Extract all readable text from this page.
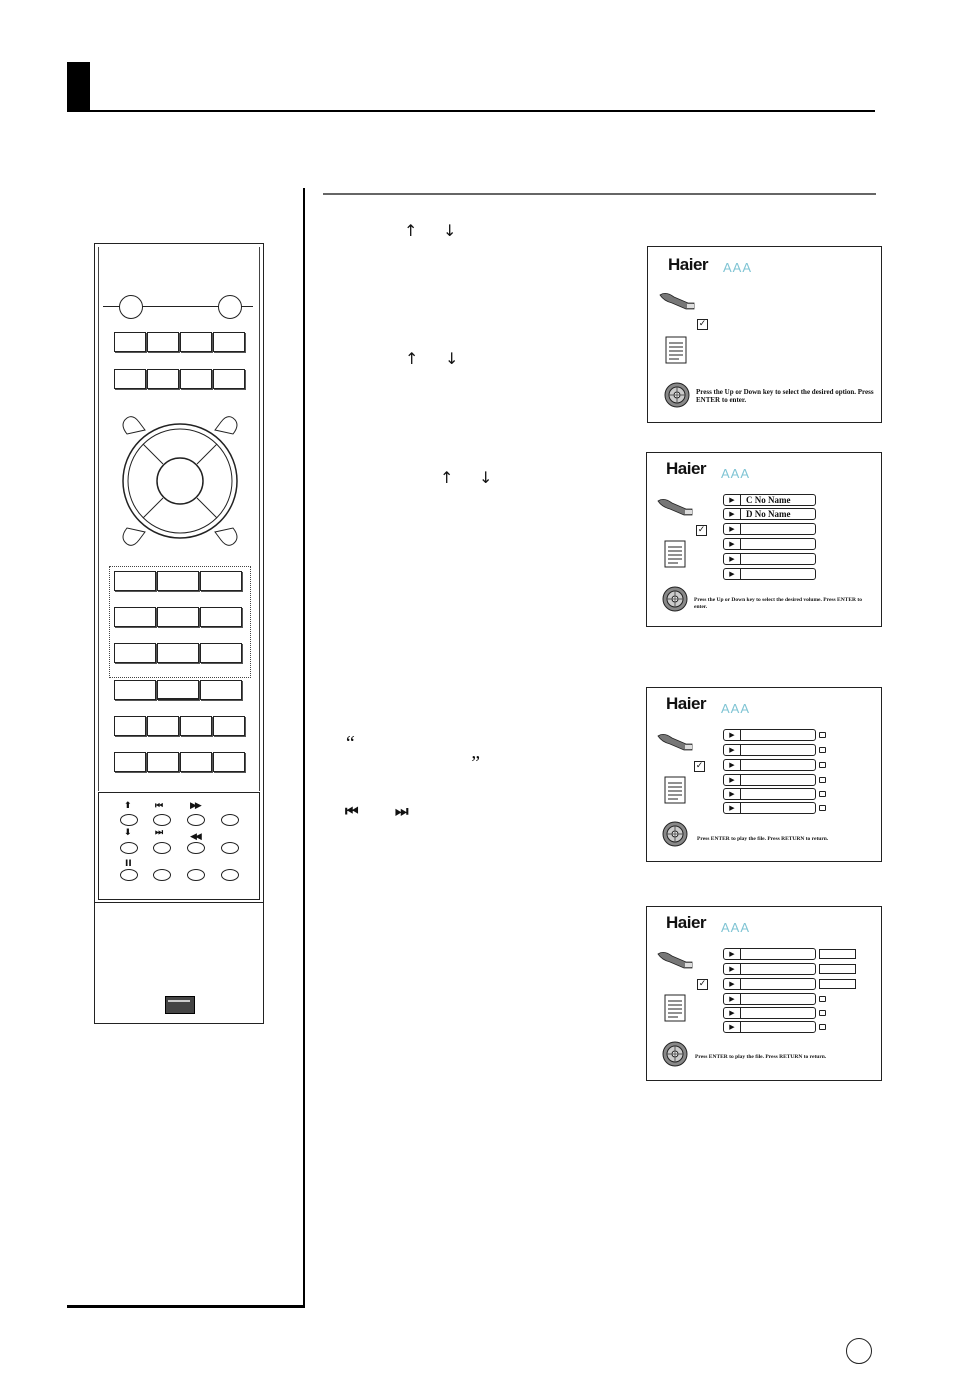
↑ ↓
↑ ↓
↑ ↓
“
”
⏮	⏭
⬆	⏮	▶▶
⬇	⏭	◀◀
II
Haier AAA
✓
Press the Up or Down key to select the desired option. Press ENTER to enter.
Haier AAA
✓
▶	C No Name
▶	D No Name
▶
▶
▶
▶
Press the Up or Down key to select the desired volume. Press ENTER to enter.
Haier AAA
✓
▶
▶
▶
▶
▶
▶
Press ENTER to play the file. Press RETURN to return.
Haier AAA
✓
▶
▶
▶
▶
▶
▶
Press ENTER to play the file. Press RETURN to return.
